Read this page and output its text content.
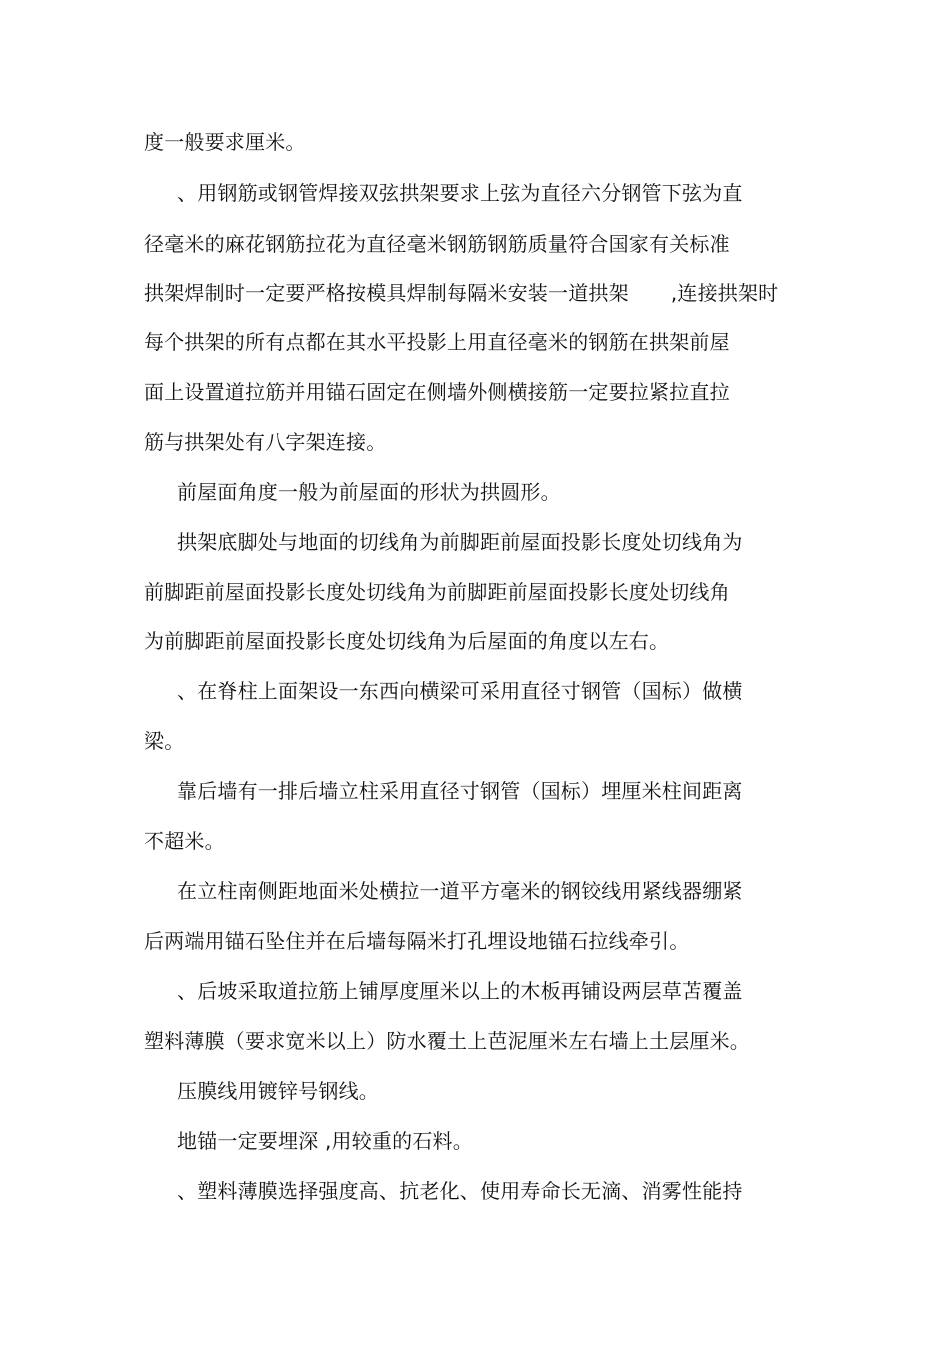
度一般要求厘米。
、用钢筋或钢管焊接双弦拱架要求上弦为直径六分钢管下弦为直
径毫米的麻花钢筋拉花为直径毫米钢筋钢筋质量符合国家有关标准
拱架焊制时一定要严格按模具焊制每隔米安装一道拱架 ,连接拱架时
每个拱架的所有点都在其水平投影上用直径毫米的钢筋在拱架前屋
面上设置道拉筋并用锚石固定在侧墙外侧横接筋一定要拉紧拉直拉
筋与拱架处有八字架连接。
前屋面角度一般为前屋面的形状为拱圆形。
拱架底脚处与地面的切线角为前脚距前屋面投影长度处切线角为
前脚距前屋面投影长度处切线角为前脚距前屋面投影长度处切线角
为前脚距前屋面投影长度处切线角为后屋面的角度以左右。
、在脊柱上面架设一东西向横梁可采用直径寸钢管（国标）做横
梁。
靠后墙有一排后墙立柱采用直径寸钢管（国标）埋厘米柱间距离
不超米。
在立柱南侧距地面米处横拉一道平方毫米的钢铰线用紧线器绷紧
后两端用锚石坠住并在后墙每隔米打孔埋设地锚石拉线牵引。
、后坡采取道拉筋上铺厚度厘米以上的木板再铺设两层草苫覆盖
塑料薄膜（要求宽米以上）防水覆土上芭泥厘米左右墙上土层厘米。
压膜线用镀锌号钢线。
地锚一定要埋深 ,用较重的石料。
、塑料薄膜选择强度高、抗老化、使用寿命长无滴、消雾性能持
